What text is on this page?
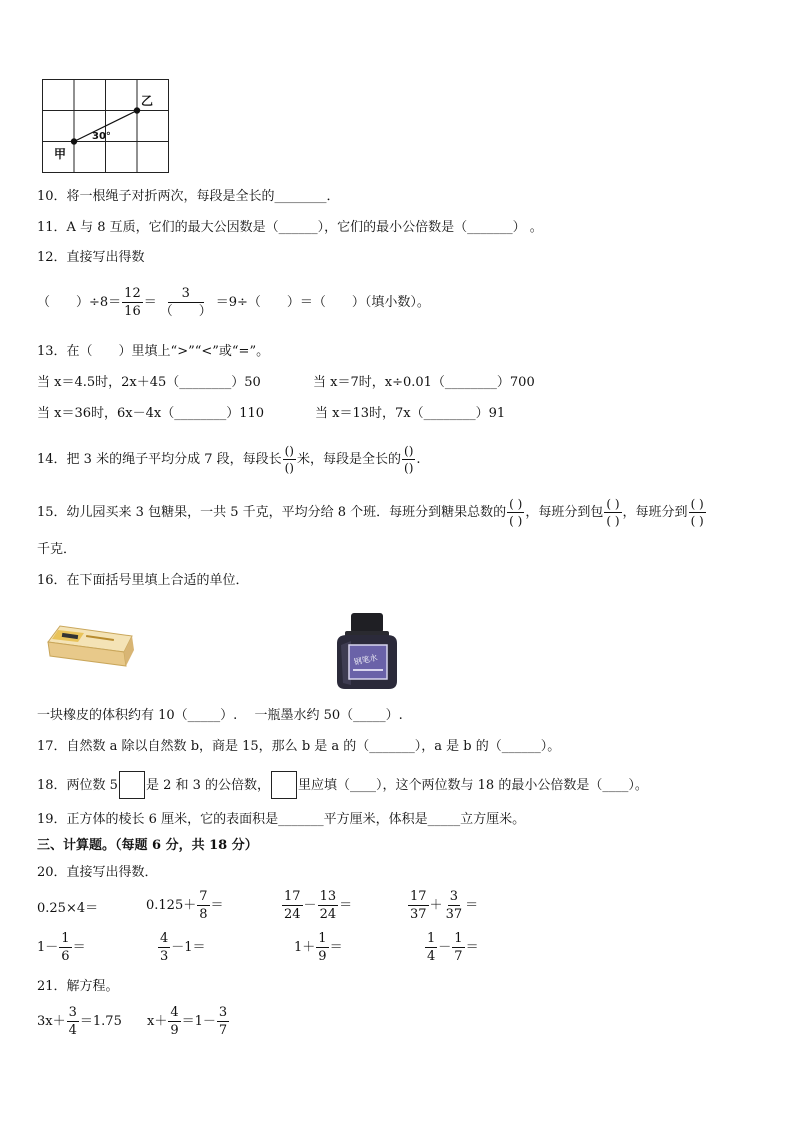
甲
乙
30°
10．将一根绳子对折两次，每段是全长的________．
11．A 与 8 互质，它们的最大公因数是（______），它们的最小公倍数是（_______） 。
12．直接写出得数
（　　）$\div 8= \frac{12}{16} = \frac{3}{( )} =9\div$（　　）＝（　　）（填小数）。
13．在（　　）里填上“>”“<”或“=”。
当 x＝4.5时，2x＋45（________）50	当 x＝7时，x÷0.01（________）700
当 x＝36时，6x－4x（________）110	当 x＝13时，7x（________）91
14．把 3 米的绳子平均分成 7 段，每段长 $\frac{()}{()}$ 米，每段是全长的 $\frac{()}{()}$ .
15．幼儿园买来 3 包糖果，一共 5 千克，平均分给 8 个班．每班分到糖果总数的 $\frac{( )}{( )}$ ，每班分到包 $\frac{( )}{( )}$ ，每班分到 $\frac{( )}{( )}$
千克．
16．在下面括号里填上合适的单位．
钢笔水
一块橡皮的体积约有 10（_____）.　 一瓶墨水约 50（_____）.
17．自然数 a 除以自然数 b，商是 15，那么 b 是 a 的（_______），a 是 b 的（______）。
18．两位数 5 是 2 和 3 的公倍数， 里应填（____），这个两位数与 18 的最小公倍数是（____）。
19．正方体的棱长 6 厘米，它的表面积是_______平方厘米，体积是_____立方厘米。
三、计算题。（每题 6 分，共 18 分）
20．直接写出得数．
0.25×4＝	$0.125+ \frac{7}{8}$ ＝	$\frac{17}{24} - \frac{13}{24}$ ＝	$\frac{17}{37} + \frac{3}{37}$ ＝
$1- \frac{1}{6}$ ＝	$\frac{4}{3} -1=$	$1+ \frac{1}{9}$ ＝	$\frac{1}{4} - \frac{1}{7}$ ＝
21．解方程。
$3x+ \frac{3}{4} =1.75$ $x+ \frac{4}{9} =1- \frac{3}{7}$
